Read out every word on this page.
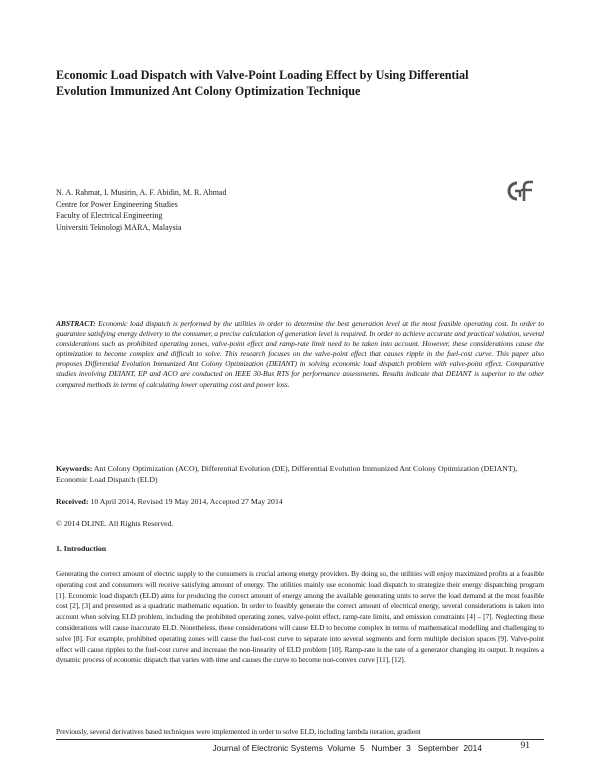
Economic Load Dispatch with Valve-Point Loading Effect by Using Differential
Evolution Immunized Ant Colony Optimization Technique
N. A. Rahmat, I. Musirin, A. F. Abidin, M. R. Ahmad
Centre for Power Engineering Studies
Faculty of Electrical Engineering
Universiti Teknologi MARA, Malaysia
ABSTRACT: Economic load dispatch is performed by the utilities in order to determine the best generation level at the most feasible operating cost. In order to guarantee satisfying energy delivery to the consumer, a precise calculation of generation level is required. In order to achieve accurate and practical solution, several considerations such as prohibited operating zones, valve-point effect and ramp-rate limit need to be taken into account. However, these considerations cause the optimization to become complex and difficult to solve. This research focuses on the valve-point effect that causes ripple in the fuel-cost curve. This paper also proposes Differential Evolution Immunized Ant Colony Optimization (DEIANT) in solving economic load dispatch problem with valve-point effect. Comparative studies involving DEIANT, EP and ACO are conducted on IEEE 30-Bus RTS for performance assessments. Results indicate that DEIANT is superior to the other compared methods in terms of calculating lower operating cost and power loss.
Keywords: Ant Colony Optimization (ACO), Differential Evolution (DE), Differential Evolution Immunized Ant Colony Optimization (DEIANT), Economic Load Dispatch (ELD)
Received: 10 April 2014, Revised 19 May 2014, Accepted 27 May 2014
© 2014 DLINE. All Rights Reserved.
1. Introduction
Generating the correct amount of electric supply to the consumers is crucial among energy providers. By doing so, the utilities will enjoy maximized profits at a feasible operating cost and consumers will receive satisfying amount of energy. The utilities mainly use economic load dispatch to strategize their energy dispatching program [1]. Economic load dispatch (ELD) aims for producing the correct amount of energy among the available generating units to serve the load demand at the most feasible cost [2], [3] and presented as a quadratic mathematic equation. In order to feasibly generate the correct amount of electrical energy, several considerations is taken into account when solving ELD problem, including the prohibited operating zones, valve-point effect, ramp-rate limits, and emission constraints [4] – [7]. Neglecting these considerations will cause inaccurate ELD. Nonetheless, these considerations will cause ELD to become complex in terms of mathematical modelling and challenging to solve [8]. For example, prohibited operating zones will cause the fuel-cost curve to separate into several segments and form multiple decision spaces [9]. Valve-point effect will cause ripples to the fuel-cost curve and increase the non-linearity of ELD problem [10]. Ramp-rate is the rate of a generator changing its output. It requires a dynamic process of economic dispatch that varies with time and causes the curve to become non-convex curve [11], [12].
Previously, several derivatives based techniques were implemented in order to solve ELD, including lambda iteration, gradient
Journal of Electronic Systems  Volume  5   Number  3   September  2014	91
